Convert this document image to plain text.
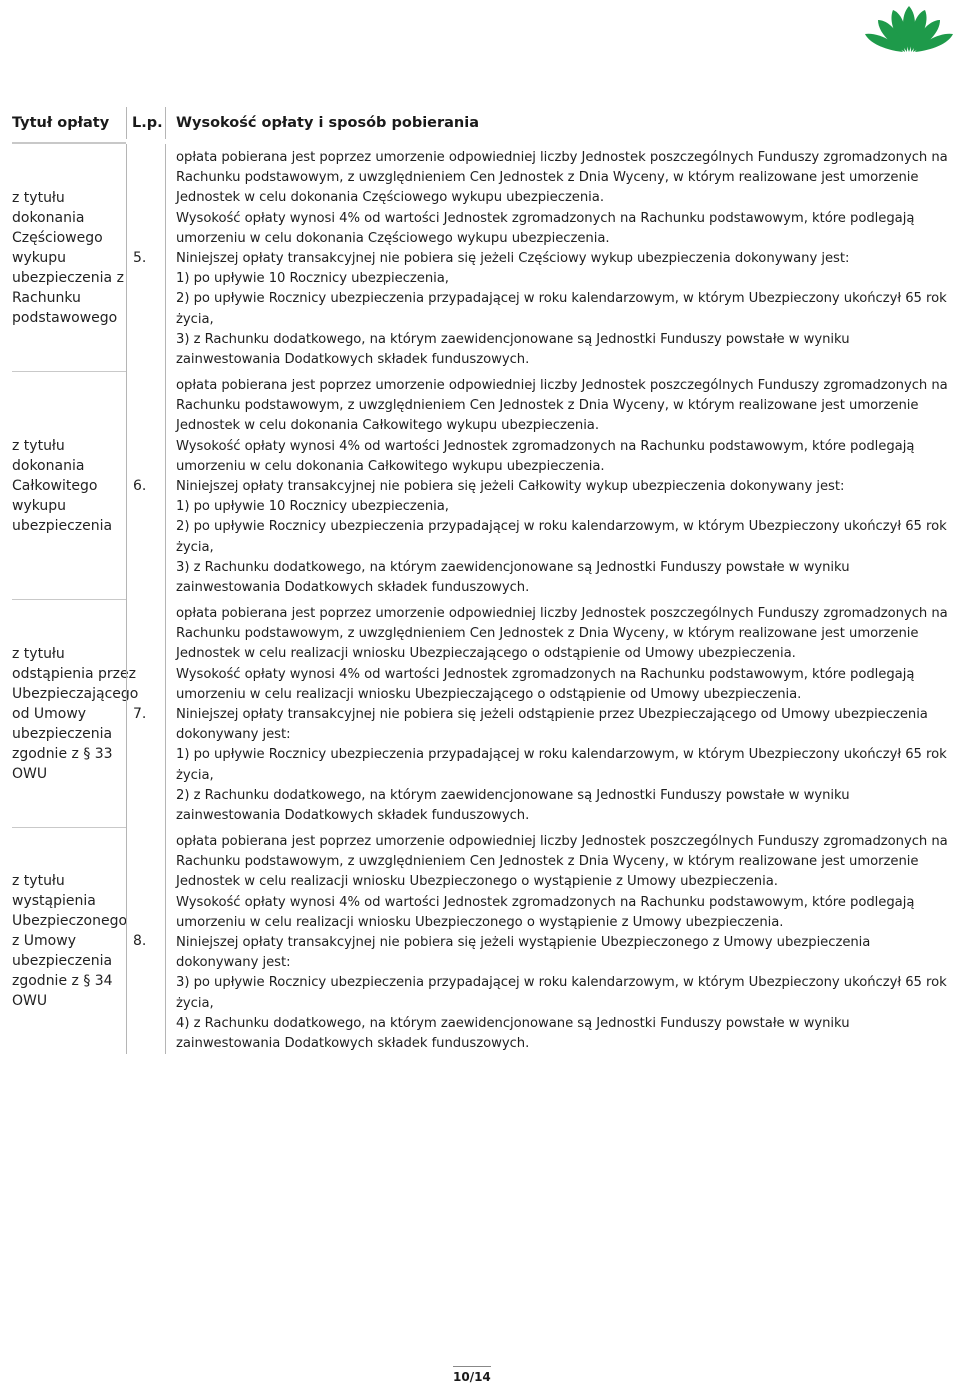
Tytuł opłaty	L.p. Wysokość opłaty i sposób pobierania
z tytułu dokonania Częściowego wykupu ubezpieczenia z Rachunku podstawowego
5.

opłata pobierana jest poprzez umorzenie odpowiedniej liczby Jednostek poszczególnych Funduszy zgromadzonych na Rachunku podstawowym, z uwzględnieniem Cen Jednostek z Dnia Wyceny, w którym realizowane jest umorzenie Jednostek w celu dokonania Częściowego wykupu ubezpieczenia.

Wysokość opłaty wynosi 4% od wartości Jednostek zgromadzonych na Rachunku podstawowym, które podlegają umorzeniu w celu dokonania Częściowego wykupu ubezpieczenia.

Niniejszej opłaty transakcyjnej nie pobiera się jeżeli Częściowy wykup ubezpieczenia dokonywany jest:

1) po upływie 10 Rocznicy ubezpieczenia,

2) po upływie Rocznicy ubezpieczenia przypadającej w roku kalendarzowym, w którym Ubezpieczony ukończył 65 rok życia,

3) z Rachunku dodatkowego, na którym zaewidencjonowane są Jednostki Funduszy powstałe w wyniku zainwestowania Dodatkowych składek funduszowych.

z tytułu dokonania Całkowitego wykupu ubezpieczenia
6.

opłata pobierana jest poprzez umorzenie odpowiedniej liczby Jednostek poszczególnych Funduszy zgromadzonych na Rachunku podstawowym, z uwzględnieniem Cen Jednostek z Dnia Wyceny, w którym realizowane jest umorzenie Jednostek w celu dokonania Całkowitego wykupu ubezpieczenia.

Wysokość opłaty wynosi 4% od wartości Jednostek zgromadzonych na Rachunku podstawowym, które podlegają umorzeniu w celu dokonania Całkowitego wykupu ubezpieczenia.

Niniejszej opłaty transakcyjnej nie pobiera się jeżeli Całkowity wykup ubezpieczenia dokonywany jest:

1) po upływie 10 Rocznicy ubezpieczenia,

2) po upływie Rocznicy ubezpieczenia przypadającej w roku kalendarzowym, w którym Ubezpieczony ukończył 65 rok życia,

3) z Rachunku dodatkowego, na którym zaewidencjonowane są Jednostki Funduszy powstałe w wyniku zainwestowania Dodatkowych składek funduszowych.

z tytułu odstąpienia przez Ubezpieczającego od Umowy ubezpieczenia zgodnie z § 33 OWU
7.

opłata pobierana jest poprzez umorzenie odpowiedniej liczby Jednostek poszczególnych Funduszy zgromadzonych na Rachunku podstawowym, z uwzględnieniem Cen Jednostek z Dnia Wyceny, w którym realizowane jest umorzenie Jednostek w celu realizacji wniosku Ubezpieczającego o odstąpienie od Umowy ubezpieczenia.

Wysokość opłaty wynosi 4% od wartości Jednostek zgromadzonych na Rachunku podstawowym, które podlegają umorzeniu w celu realizacji wniosku Ubezpieczającego o odstąpienie od Umowy ubezpieczenia.

Niniejszej opłaty transakcyjnej nie pobiera się jeżeli odstąpienie przez Ubezpieczającego od Umowy ubezpieczenia dokonywany jest:

1) po upływie Rocznicy ubezpieczenia przypadającej w roku kalendarzowym, w którym Ubezpieczony ukończył 65 rok życia,

2) z Rachunku dodatkowego, na którym zaewidencjonowane są Jednostki Funduszy powstałe w wyniku zainwestowania Dodatkowych składek funduszowych.

z tytułu wystąpienia Ubezpieczonego z Umowy ubezpieczenia zgodnie z § 34 OWU
8.

opłata pobierana jest poprzez umorzenie odpowiedniej liczby Jednostek poszczególnych Funduszy zgromadzonych na Rachunku podstawowym, z uwzględnieniem Cen Jednostek z Dnia Wyceny, w którym realizowane jest umorzenie Jednostek w celu realizacji wniosku Ubezpieczonego o wystąpienie z Umowy ubezpieczenia.

Wysokość opłaty wynosi 4% od wartości Jednostek zgromadzonych na Rachunku podstawowym, które podlegają umorzeniu w celu realizacji wniosku Ubezpieczonego o wystąpienie z Umowy ubezpieczenia.

Niniejszej opłaty transakcyjnej nie pobiera się jeżeli wystąpienie Ubezpieczonego z Umowy ubezpieczenia dokonywany jest:

3) po upływie Rocznicy ubezpieczenia przypadającej w roku kalendarzowym, w którym Ubezpieczony ukończył 65 rok życia,

4) z Rachunku dodatkowego, na którym zaewidencjonowane są Jednostki Funduszy powstałe w wyniku zainwestowania Dodatkowych składek funduszowych.

10/14
